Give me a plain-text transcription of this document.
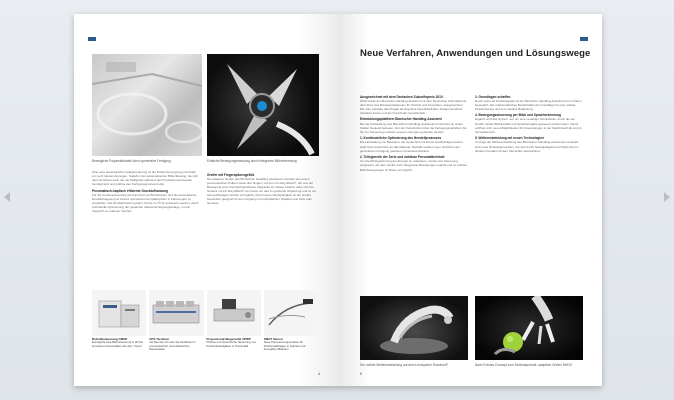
Bewegliche Polyamidbauteil durch generative Fertigung	Einfache Bewegungsmessung durch integrierte Bildverkennung

Über eine automatische Ladegenerierung ist die Positionierungnung innerhalb von sehr kleinen Anzeigen. Sodaß in der automatisierten Bilderfassung, die sich dann durchaus auch der als Stellgröße während des Produktionsprozesses benötigt wird und präzise den Fertigungsprozess lenkt.

Pneumatisch-haptisch effiziente Druckluftnutzung

Für die Greiferanwendung bei Kammern an Bohrkörpern und die automatische Druckluftregelung ist Festos optimiertes Kompaktsystem in Fahrzeugen zu empfehlen. Die Druckluftnutzung kann mit bis zu 70 % verbessert werden, durch individuelle Optimierung der gesamten Vakuumerzeugungsanlage, um ein Vergleich zu anderen Ventilen.

Greifer mit Fingerspitzengefühl

Der adaptive Greifer des Bionischen Handling-Assistenten besteht aus einem pneumatischen Kolben sowie drei Fingern mit dem Fin Ray Effect®, der aus der Bewegung einer Fischschwanzflosse abgeleitet ist. Dieser bewirkt, dass sich die Struktur mit Fin Ray Effect® von Festo um das zu greifende Objekt legt und so ein formschlüssiges Greifen ermöglicht. Durch seine Nachgiebigkeit ist der Greifer besonders geeignet für den Umgang mit empfindlichen Objekten wie Obst oder Gemüse.

Robotiksteuerung CMXR
Ermöglicht freie Bahnsteuerung in 3D bei komplexen Kinematiken wie dem Tripod
CPX Terminal
Als Remote-I/O oder als Ventilinsel in pneumatischen und elektrischen Steuerketten
Proportional-Wegeventil VPWP
Präzise und dynamische Steuerung von Positionieraufgaben in Pneumatik
SMAT Sensor
Neue Kleinsensorgeneration für Positionsabfragen in Zylinder und kompakten Bauform
4
Neue Verfahren, Anwendungen und Lösungswege
Ausgezeichnet mit dem Deutschen Zukunftspreis 2010

2010 wurde der Bionische Handling-Assistent mit dem Deutschen Zukunftspreis, dem Preis des Bundespräsidenten für Technik und Innovation, ausgezeichnet. Die Jury würdigte das Projekt als Ergebnis interdisziplinärer Zusammenarbeit zwischen Festo und der Fraunhofer-Gesellschaft.

Entwicklungsplattform Bionischer Handling-Assistent

Bei der Entwicklung des Bionischen Handling-Assistenten hat Festo an vielen Stellen Neuland betreten. Von der Konstruktion über die Fertigungsverfahren bis hin zur Steuerung mussten eigene Lösungen gefunden werden.

1. Kontinuierliche Optimierung des Herstellprozesses

Die Herstellung von Bauteilen, die dynamisch mit Druck beaufschlagt werden, stellt hohe Ansprüche an das Material. Deshalb wurden neue Verfahren der generativen Fertigung getestet und weiterentwickelt.

2. Teilegenerik der Serie und nahtlose Pneumatikeinheit

Um die Rückgewinnung der Energie zu realisieren, wurde eine Steuerung eingesetzt, die dem Greifer sehr zielgenaue Bewegungen erlaubt und so präzise Bahnbewegungen im Raum ermöglicht.

3. Grundlagen schaffen

Durch seine elf Freiheitsgrade ist der Bionische Handling-Assistent frei im Raum beweglich. Ein mathematisches Modell bildet die Grundlage für eine präzise Positionierung und eine intuitive Bedienung.

4. Bewegungssteuerung per Blick und Spracherkennung

Ergänzt wird das System nun um eine neuartige Schnittstelle, durch die der Greifer mittels Blickkontakt und Spracheingabe gesteuert werden kann. Damit eröffnen sich neue Möglichkeiten für Anwendungen in der Medizintechnik und im Servicebereich.

5. Weiterentwicklung mit neuen Technologien

Im Zuge der Weiterentwicklung des Bionischen Handling-Assistenten entsteht eine neue Robotergeneration, die sich durch Nachgiebigkeit und Sicherheit im direkten Kontakt mit dem Menschen auszeichnet.

Der mobile Weiterentwicklung auf dem Lernsystem Robotino®	Nach Futures Concept zum Seriendprodukt: adaptiver Greifer DHDG
5
